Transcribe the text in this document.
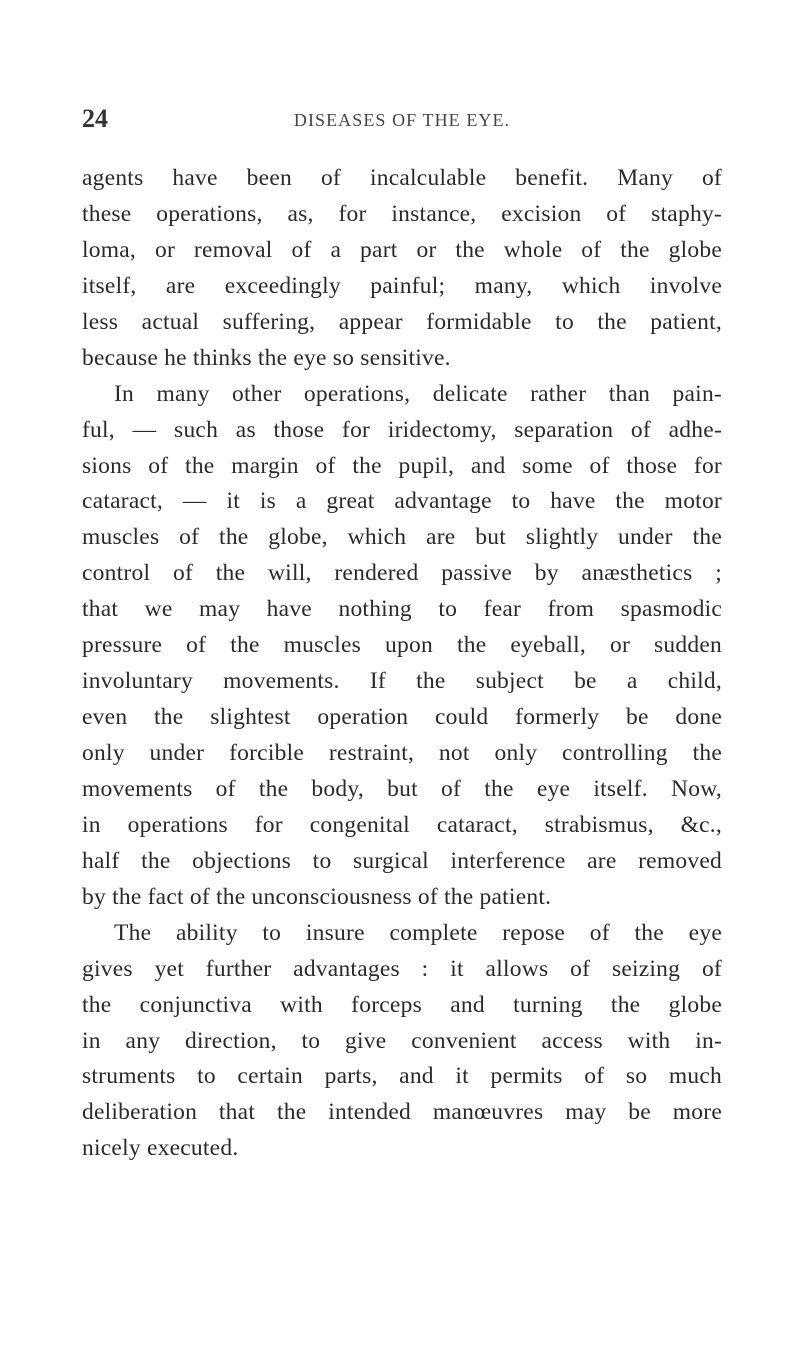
24	DISEASES OF THE EYE.
agents have been of incalculable benefit. Many of
these operations, as, for instance, excision of staphy-
loma, or removal of a part or the whole of the globe
itself, are exceedingly painful; many, which involve
less actual suffering, appear formidable to the patient,
because he thinks the eye so sensitive.
In many other operations, delicate rather than pain-
ful, — such as those for iridectomy, separation of adhe-
sions of the margin of the pupil, and some of those for
cataract, — it is a great advantage to have the motor
muscles of the globe, which are but slightly under the
control of the will, rendered passive by anæsthetics ;
that we may have nothing to fear from spasmodic
pressure of the muscles upon the eyeball, or sudden
involuntary movements. If the subject be a child,
even the slightest operation could formerly be done
only under forcible restraint, not only controlling the
movements of the body, but of the eye itself. Now,
in operations for congenital cataract, strabismus, &c.,
half the objections to surgical interference are removed
by the fact of the unconsciousness of the patient.
The ability to insure complete repose of the eye
gives yet further advantages : it allows of seizing of
the conjunctiva with forceps and turning the globe
in any direction, to give convenient access with in-
struments to certain parts, and it permits of so much
deliberation that the intended manœuvres may be more
nicely executed.
